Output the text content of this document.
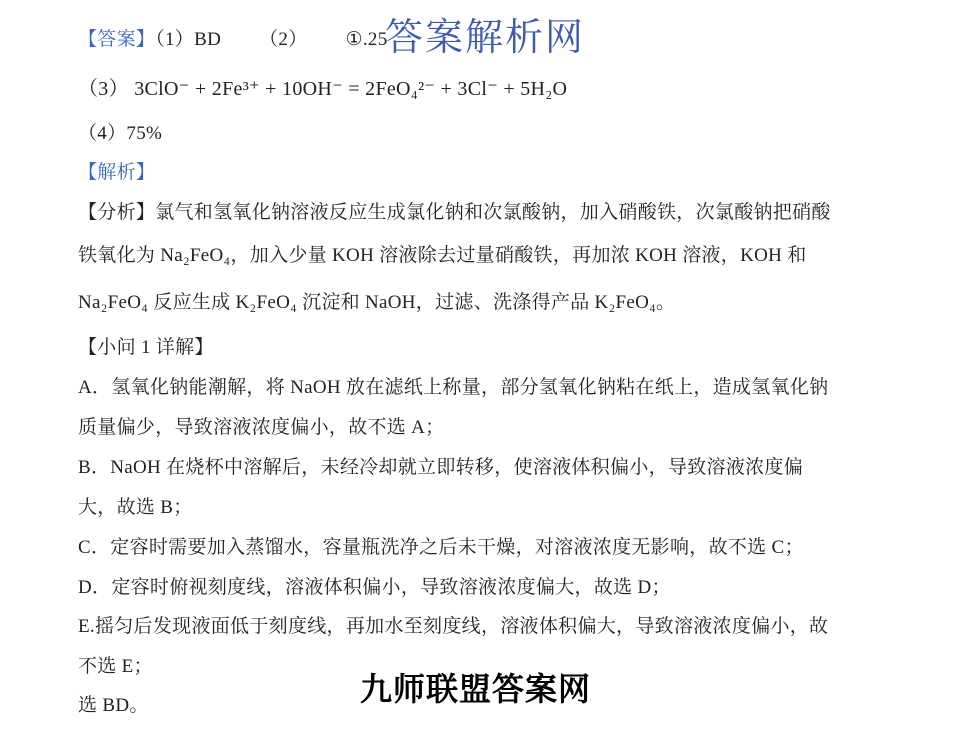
【答案】（1）BD （2） ①.25
（3） 3ClO⁻ + 2Fe³⁺ + 10OH⁻ = 2FeO₄²⁻ + 3Cl⁻ + 5H₂O
（4）75%
【解析】
【分析】氯气和氢氧化钠溶液反应生成氯化钠和次氯酸钠，加入硝酸铁，次氯酸钠把硝酸
铁氧化为 Na₂FeO₄，加入少量 KOH 溶液除去过量硝酸铁，再加浓 KOH 溶液，KOH 和
Na₂FeO₄ 反应生成 K₂FeO₄ 沉淀和 NaOH，过滤、洗涤得产品 K₂FeO₄。
【小问 1 详解】
A．氢氧化钠能潮解，将 NaOH 放在滤纸上称量，部分氢氧化钠粘在纸上，造成氢氧化钠
质量偏少，导致溶液浓度偏小，故不选 A；
B．NaOH 在烧杯中溶解后，未经冷却就立即转移，使溶液体积偏小，导致溶液浓度偏
大，故选 B；
C．定容时需要加入蒸馏水，容量瓶洗净之后未干燥，对溶液浓度无影响，故不选 C；
D．定容时俯视刻度线，溶液体积偏小，导致溶液浓度偏大，故选 D；
E.摇匀后发现液面低于刻度线，再加水至刻度线，溶液体积偏大，导致溶液浓度偏小，故
不选 E；
选 BD。
答案解析网
九师联盟答案网
